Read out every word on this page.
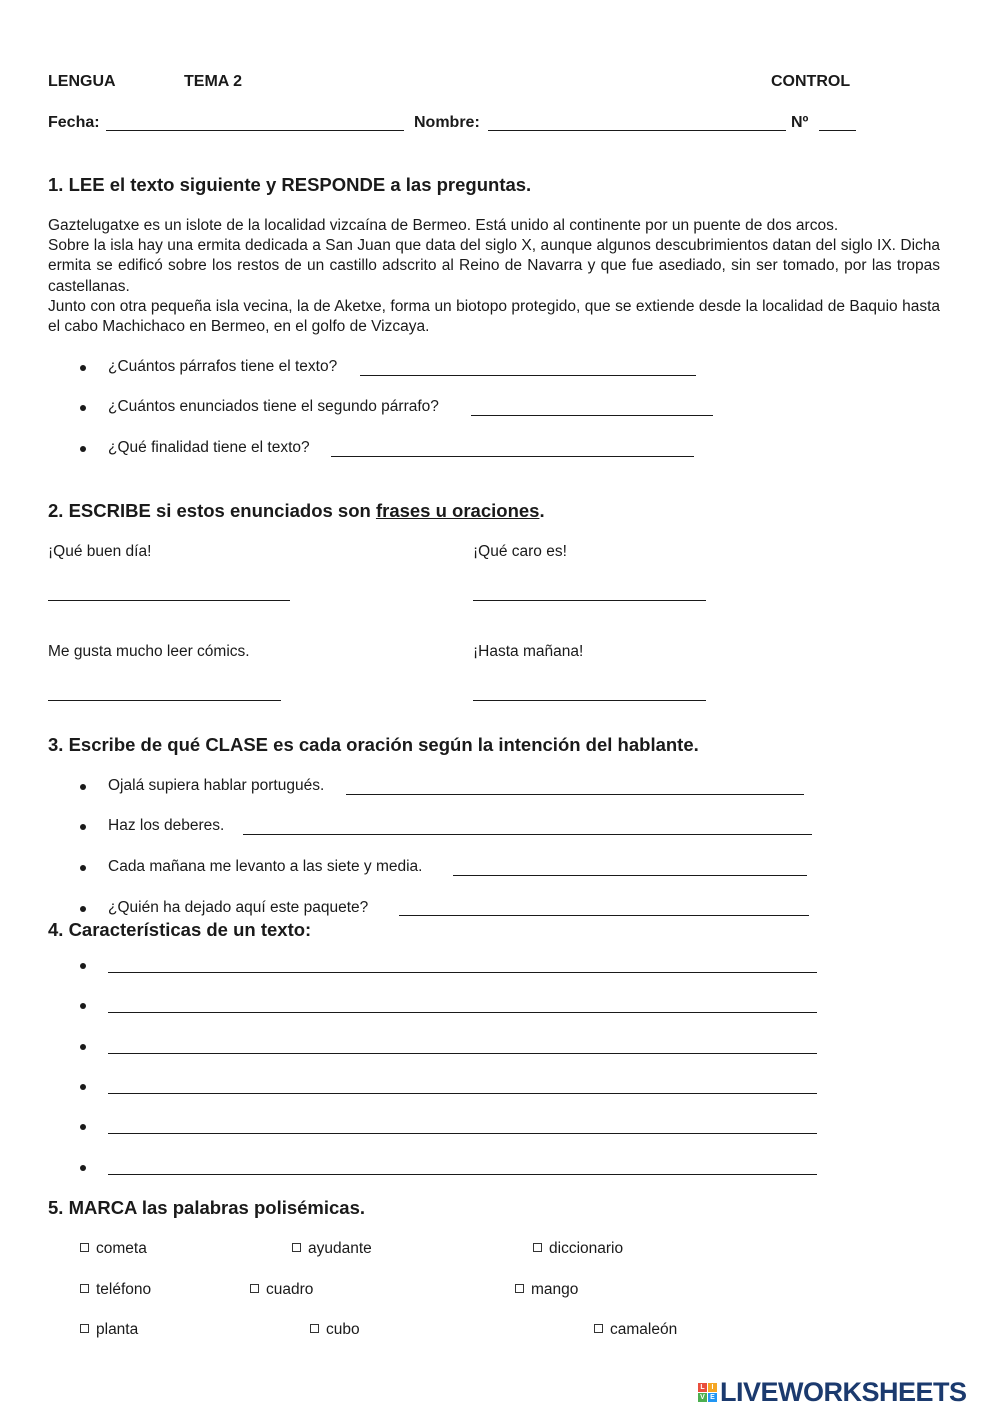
LENGUA	TEMA 2	CONTROL
Fecha:	Nombre:	Nº
1. LEE el texto siguiente y RESPONDE a las preguntas.
Gaztelugatxe es un islote de la localidad vizcaína de Bermeo. Está unido al continente por un puente de dos arcos.
Sobre la isla hay una ermita dedicada a San Juan que data del siglo X, aunque algunos descubrimientos datan del siglo IX. Dicha ermita se edificó sobre los restos de un castillo adscrito al Reino de Navarra y que fue asediado, sin ser tomado, por las tropas castellanas.
Junto con otra pequeña isla vecina, la de Aketxe, forma un biotopo protegido, que se extiende desde la localidad de Baquio hasta el cabo Machichaco en Bermeo, en el golfo de Vizcaya.
¿Cuántos párrafos tiene el texto?
¿Cuántos enunciados tiene el segundo párrafo?
¿Qué finalidad tiene el texto?
2. ESCRIBE si estos enunciados son frases u oraciones.
¡Qué buen día!	¡Qué caro es!
Me gusta mucho leer cómics.	¡Hasta mañana!
3. Escribe de qué CLASE es cada oración según la intención del hablante.
Ojalá supiera hablar portugués.
Haz los deberes.
Cada mañana me levanto a las siete y media.
¿Quién ha dejado aquí este paquete?
4. Características de un texto:
5. MARCA las palabras polisémicas.
cometa	ayudante	diccionario
teléfono	cuadro	mango
planta	cubo	camaleón
L I
V E LIVEWORKSHEETS
